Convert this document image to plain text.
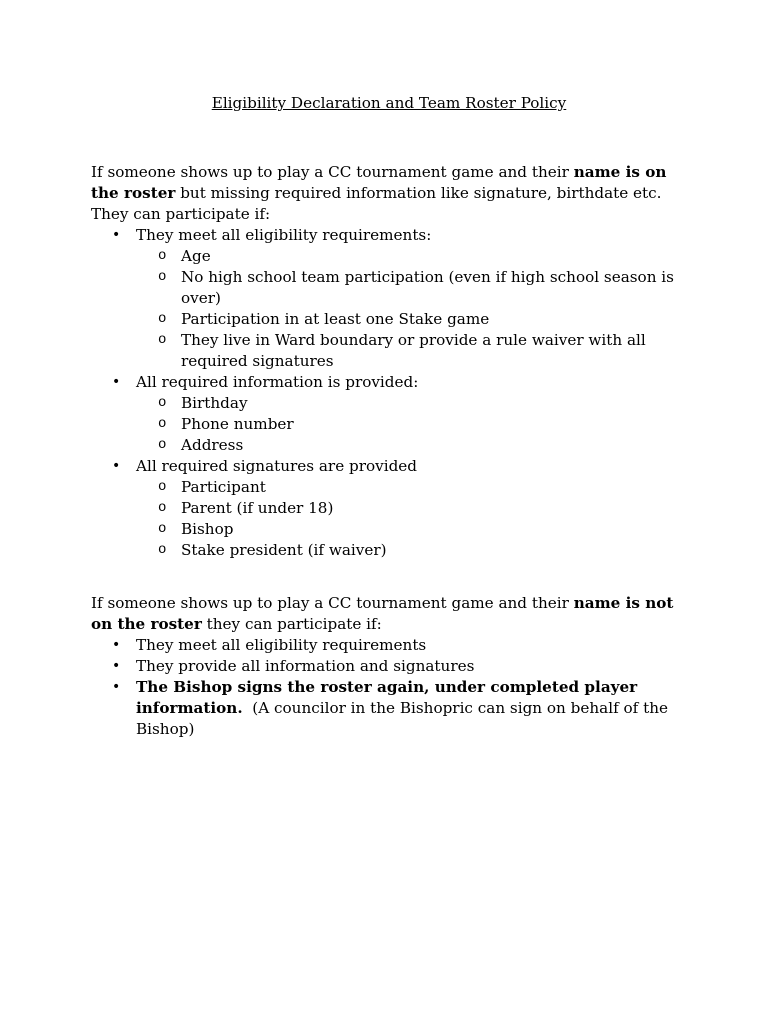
Eligibility Declaration and Team Roster Policy

If someone shows up to play a CC tournament game and their name is on the roster but missing required information like signature, birthdate etc. They can participate if:

• They meet all eligibility requirements:
o Age
o No high school team participation (even if high school season is over)
o Participation in at least one Stake game
o They live in Ward boundary or provide a rule waiver with all required signatures
• All required information is provided:
o Birthday
o Phone number
o Address
• All required signatures are provided
o Participant
o Parent (if under 18)
o Bishop
o Stake president (if waiver)

If someone shows up to play a CC tournament game and their name is not on the roster they can participate if:

• They meet all eligibility requirements
• They provide all information and signatures
• The Bishop signs the roster again, under completed player information.  (A councilor in the Bishopric can sign on behalf of the Bishop)
